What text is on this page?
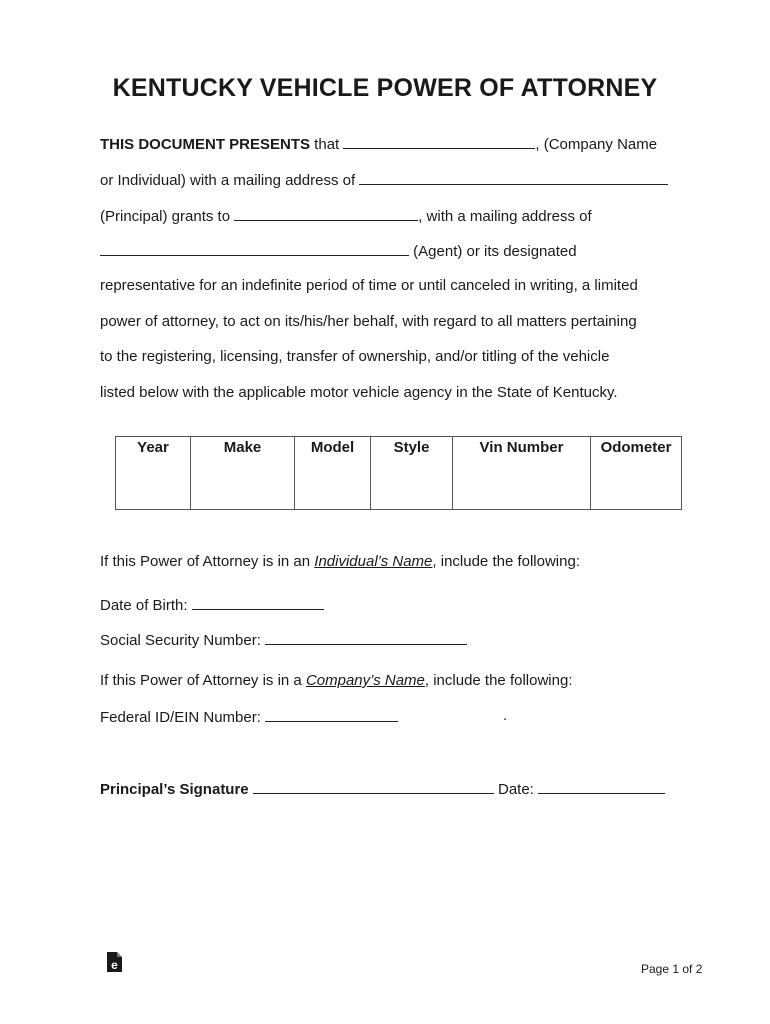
KENTUCKY VEHICLE POWER OF ATTORNEY
THIS DOCUMENT PRESENTS that	, (Company Name
or Individual) with a mailing address of
(Principal) grants to	, with a mailing address of
(Agent) or its designated
representative for an indefinite period of time or until canceled in writing, a limited
power of attorney, to act on its/his/her behalf, with regard to all matters pertaining
to the registering, licensing, transfer of ownership, and/or titling of the vehicle
listed below with the applicable motor vehicle agency in the State of Kentucky.
Year	Make	Model	Style	Vin Number	Odometer
If this Power of Attorney is in an Individual’s Name, include the following:
Date of Birth:
Social Security Number:
If this Power of Attorney is in a Company’s Name, include the following:
Federal ID/EIN Number:	.
Principal’s Signature	Date:
e	Page 1 of 2
